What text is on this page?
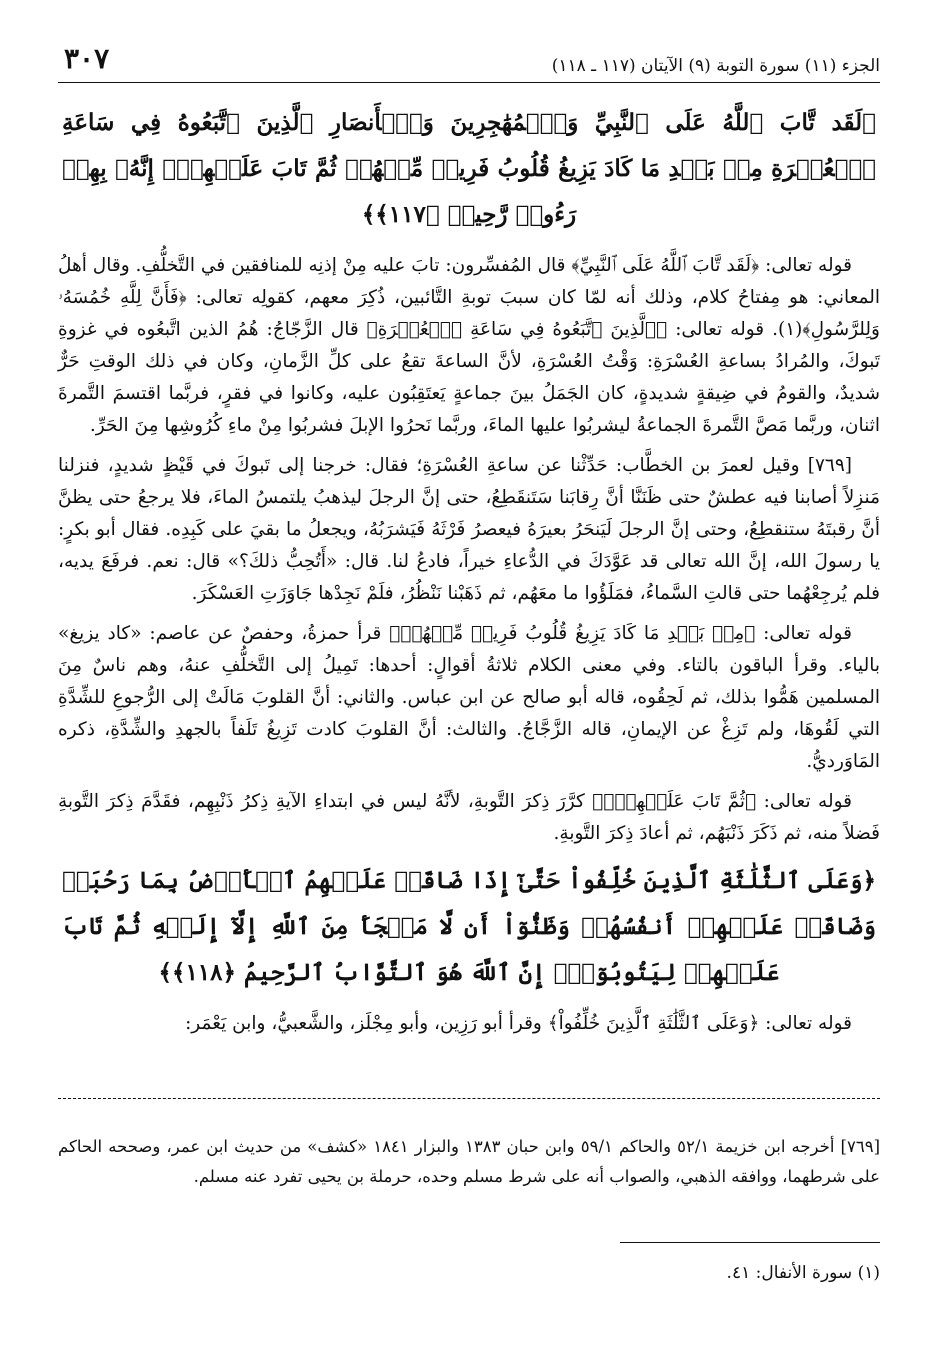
٣٠٧	الجزء (١١) سورة التوبة (٩) الآيتان (١١٧ ـ ١١٨)

﴿لَقَد تَّابَ ٱللَّهُ عَلَى ٱلنَّبِيِّ وَٱلۡمُهَٰجِرِينَ وَٱلۡأَنصَارِ ٱلَّذِينَ ٱتَّبَعُوهُ فِي سَاعَةِ ٱلۡعُسۡرَةِ مِنۢ بَعۡدِ مَا كَادَ يَزِيغُ قُلُوبُ فَرِيقٖ مِّنۡهُمۡ ثُمَّ تَابَ عَلَيۡهِمۡۚ إِنَّهُۥ بِهِمۡ رَءُوفٞ رَّحِيمٞ ﴿١١٧﴾﴾

قوله تعالى: ﴿لَقَد تَّابَ ٱللَّهُ عَلَى ٱلنَّبِيِّ﴾ قال المُفسِّرون: تابَ عليه مِنْ إذنِه للمنافقين في التَّخلُّفِ. وقال أهلُ المعاني: هو مِفتاحُ كلام، وذلك أنه لمّا كان سببَ توبةِ التَّائبين، ذُكِرَ معهم، كقولِه تعالى: ﴿فَأَنَّ لِلَّهِ خُمُسَهُۥ وَلِلرَّسُولِ﴾(١). قوله تعالى: ﴿ٱلَّذِينَ ٱتَّبَعُوهُ فِي سَاعَةِ ٱلۡعُسۡرَةِ﴾ قال الزَّجّاجُ: هُمُ الذين اتَّبعُوه في غزوةِ تَبوكَ، والمُرادُ بساعةِ العُسْرَةِ: وَقْتُ العُسْرَةِ، لأنَّ الساعةَ تقعُ على كلِّ الزَّمانِ، وكان في ذلك الوقتِ حَرٌّ شديدٌ، والقومُ في ضِيقةٍ شديدةٍ، كان الجَمَلُ بينَ جماعةٍ يَعتَقِبُون عليه، وكانوا في فقرٍ، فربَّما اقتسمَ التَّمرةَ اثنان، وربَّما مَصَّ التَّمرةَ الجماعةُ ليشربُوا عليها الماءَ، وربَّما نَحرُوا الإبلَ فشربُوا مِنْ ماءِ كُرُوشِها مِنَ الحَرِّ.

[٧٦٩] وقيل لعمرَ بن الخطَّاب: حَدِّثْنا عن ساعةِ العُسْرَةِ؛ فقال: خرجنا إلى تَبوكَ في قَيْظٍ شديدٍ، فنزلنا مَنزِلاً أصابنا فيه عطشٌ حتى ظَنَنَّا أنَّ رِقابَنا سَتَنقَطِعُ، حتى إنَّ الرجلَ ليذهبُ يلتمسُ الماءَ، فلا يرجعُ حتى يظنَّ أنَّ رقبتَهُ ستنقطِعُ، وحتى إنَّ الرجلَ لَيَنحَرُ بعيرَهُ فيعصرُ فَرْثَهُ فَيَشرَبُهُ، ويجعلُ ما بقيَ على كَبِدِه. فقال أبو بكرٍ: يا رسولَ الله، إنَّ الله تعالى قد عَوَّدَكَ في الدُّعاءِ خيراً، فادعُ لنا. قال: «أَتُحِبُّ ذلكَ؟» قال: نعم. فرفَعَ يديه، فلم يُرجِعْهُما حتى قالتِ السَّماءُ، فمَلَؤُوا ما معَهُم، ثم ذَهَبْنا نَنْظُرُ، فلَمْ نَجِدْها جَاوَزَتِ العَسْكَرَ.

قوله تعالى: ﴿مِنۢ بَعۡدِ مَا كَادَ يَزِيغُ قُلُوبُ فَرِيقٖ مِّنۡهُمۡ﴾ قرأ حمزةُ، وحفصٌ عن عاصم: «كاد يزيغ» بالياء. وقرأ الباقون بالتاء. وفي معنى الكلام ثلاثةُ أقوالٍ: أحدها: تَمِيلُ إلى التَّخلُّفِ عنهُ، وهم ناسٌ مِنَ المسلمين هَمُّوا بذلك، ثم لَحِقُوه، قاله أبو صالح عن ابن عباس. والثاني: أنَّ القلوبَ مَالَتْ إلى الرُّجوعِ للشِّدَّةِ التي لَقُوهَا، ولم تَزِغْ عن الإيمانِ، قاله الزَّجَّاجُ. والثالث: أنَّ القلوبَ كادت تَزِيغُ تَلَفاً بالجهدِ والشِّدَّةِ، ذكره المَاوَرديُّ.

قوله تعالى: ﴿ثُمَّ تَابَ عَلَيۡهِمۡۚ﴾ كرَّرَ ذِكرَ التَّوبةِ، لأنَّهُ ليس في ابتداءِ الآيةِ ذِكرُ ذَنْبِهِم، فقَدَّمَ ذِكرَ التَّوبةِ فَضلاً منه، ثم ذَكَرَ ذَنْبَهُم، ثم أعادَ ذِكرَ التَّوبةِ.

﴿وَعَلَى ٱلثَّلَٰثَةِ ٱلَّذِينَ خُلِّفُواْ حَتَّىٰٓ إِذَا ضَاقَتۡ عَلَيۡهِمُ ٱلۡأَرۡضُ بِمَا رَحُبَتۡ وَضَاقَتۡ عَلَيۡهِمۡ أَنفُسُهُمۡ وَظَنُّوٓاْ أَن لَّا مَلۡجَأَ مِنَ ٱللَّهِ إِلَّآ إِلَيۡهِ ثُمَّ تَابَ عَلَيۡهِمۡ لِيَتُوبُوٓاْۚ إِنَّ ٱللَّهَ هُوَ ٱلتَّوَّابُ ٱلرَّحِيمُ ﴿١١٨﴾﴾

قوله تعالى: ﴿وَعَلَى ٱلثَّلَٰثَةِ ٱلَّذِينَ خُلِّفُواْ﴾ وقرأ أبو رَزِين، وأبو مِجْلَز، والشَّعبيُّ، وابن يَعْمَر:

[٧٦٩] أخرجه ابن خزيمة ٥٢/١ والحاكم ٥٩/١ وابن حبان ١٣٨٣ والبزار ١٨٤١ «كشف» من حديث ابن عمر، وصححه الحاكم على شرطهما، ووافقه الذهبي، والصواب أنه على شرط مسلم وحده، حرملة بن يحيى تفرد عنه مسلم.
(١) سورة الأنفال: ٤١.
